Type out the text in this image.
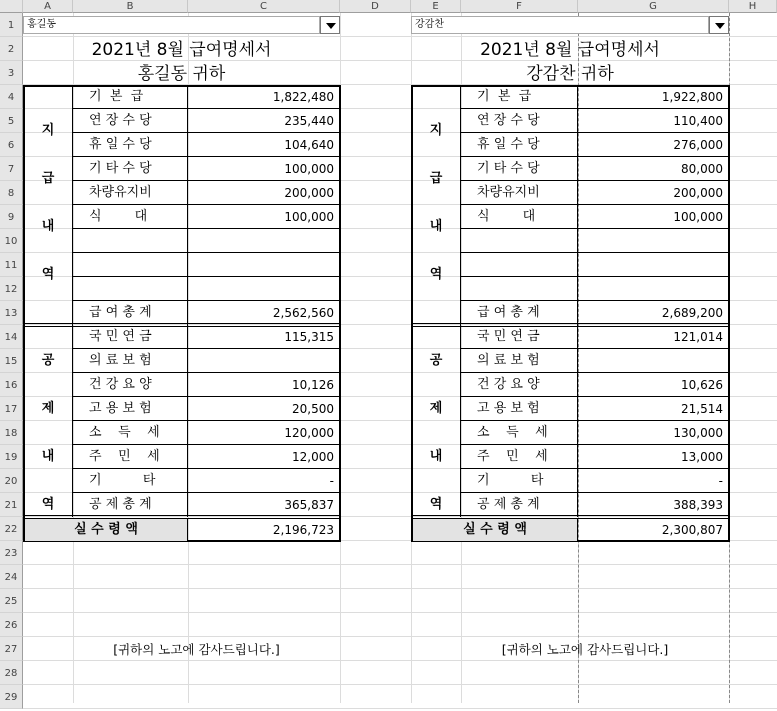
A	B	C	D	E	F	G	H
1
2
3
4
5
6
7
8
9
10
11
12
13
14
15
16
17
18
19
20
21
22
23
24
25
26
27
28
29
홍길동
2021년 8월 급여명세서
홍길동 귀하
지
급
내
역
기  본  급	1,822,480
연 장 수 당	235,440
휴 일 수 당	104,640
기 타 수 당	100,000
차량유지비	200,000
식        대	100,000
급 여 총 계	2,562,560
공
제
내
역
국 민 연 금	115,315
의 료 보 험
건 강 요 양	10,126
고 용 보 험	20,500
소    득    세	120,000
주    민    세	12,000
기          타	-
공 제 총 계	365,837
실 수 령 액	2,196,723
[귀하의 노고에 감사드립니다.]
강감찬
2021년 8월 급여명세서
강감찬 귀하
지
급
내
역
기  본  급	1,922,800
연 장 수 당	110,400
휴 일 수 당	276,000
기 타 수 당	80,000
차량유지비	200,000
식        대	100,000
급 여 총 계	2,689,200
공
제
내
역
국 민 연 금	121,014
의 료 보 험
건 강 요 양	10,626
고 용 보 험	21,514
소    득    세	130,000
주    민    세	13,000
기          타	-
공 제 총 계	388,393
실 수 령 액	2,300,807
[귀하의 노고에 감사드립니다.]
